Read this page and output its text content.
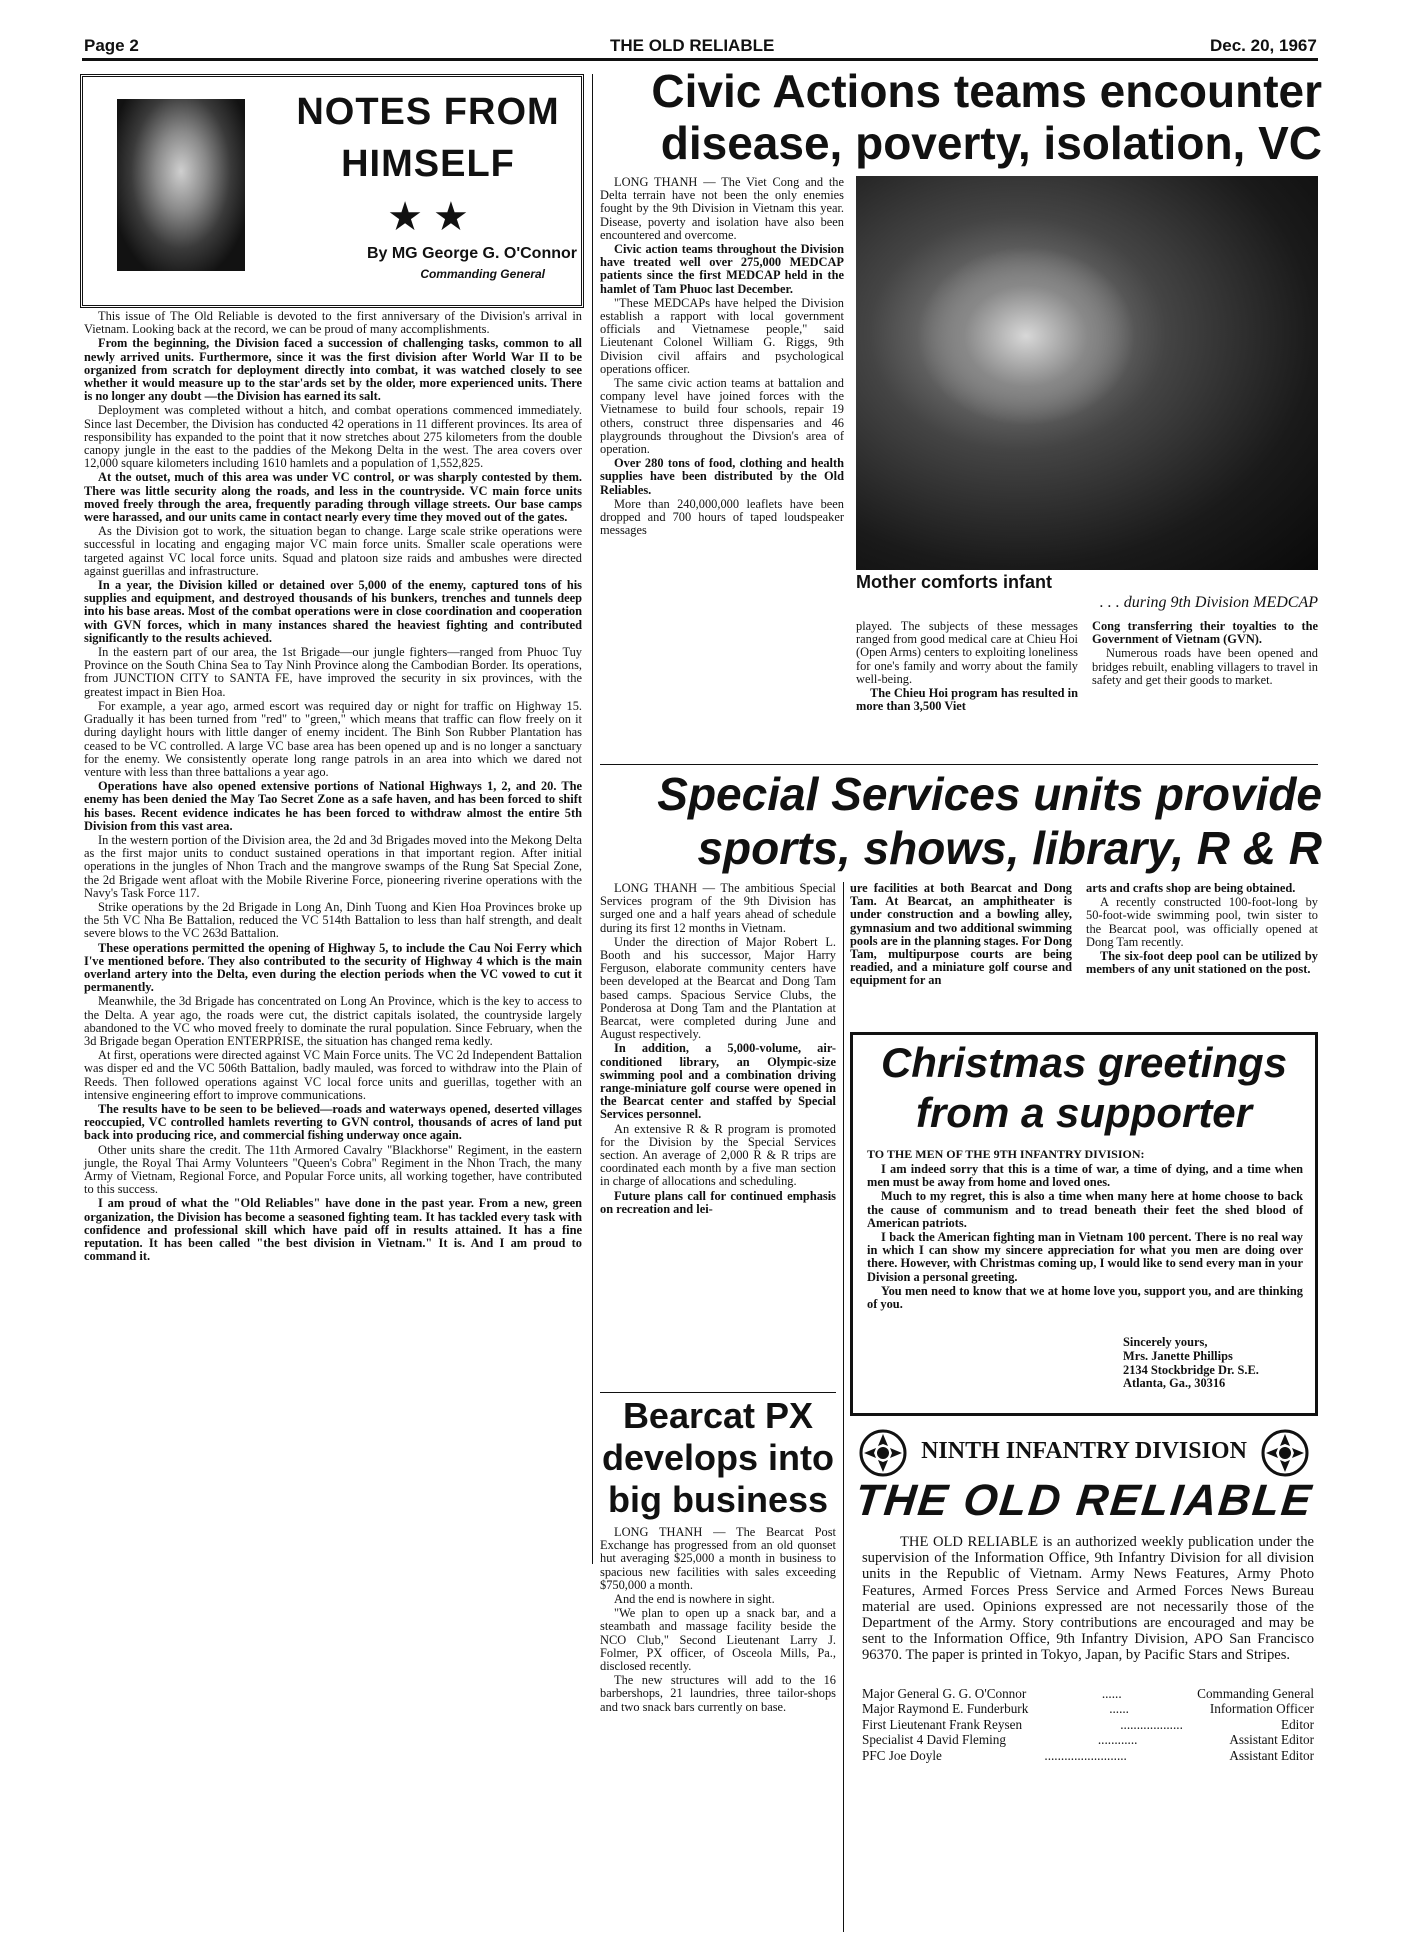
Page 2	THE OLD RELIABLE	Dec. 20, 1967
NOTES FROM
HIMSELF
★ ★
By MG George G. O'Connor
Commanding General

This issue of The Old Reliable is devoted to the first anniversary of the Division's arrival in Vietnam. Looking back at the record, we can be proud of many accomplishments.

From the beginning, the Division faced a succession of challenging tasks, common to all newly arrived units. Furthermore, since it was the first division after World War II to be organized from scratch for deployment directly into combat, it was watched closely to see whether it would measure up to the star'ards set by the older, more experienced units. There is no longer any doubt —the Division has earned its salt.

Deployment was completed without a hitch, and combat operations commenced immediately. Since last December, the Division has conducted 42 operations in 11 different provinces. Its area of responsibility has expanded to the point that it now stretches about 275 kilometers from the double canopy jungle in the east to the paddies of the Mekong Delta in the west. The area covers over 12,000 square kilometers including 1610 hamlets and a population of 1,552,825.

At the outset, much of this area was under VC control, or was sharply contested by them. There was little security along the roads, and less in the countryside. VC main force units moved freely through the area, frequently parading through village streets. Our base camps were harassed, and our units came in contact nearly every time they moved out of the gates.

As the Division got to work, the situation began to change. Large scale strike operations were successful in locating and engaging major VC main force units. Smaller scale operations were targeted against VC local force units. Squad and platoon size raids and ambushes were directed against guerillas and infrastructure.

In a year, the Division killed or detained over 5,000 of the enemy, captured tons of his supplies and equipment, and destroyed thousands of his bunkers, trenches and tunnels deep into his base areas. Most of the combat operations were in close coordination and cooperation with GVN forces, which in many instances shared the heaviest fighting and contributed significantly to the results achieved.

In the eastern part of our area, the 1st Brigade—our jungle fighters—ranged from Phuoc Tuy Province on the South China Sea to Tay Ninh Province along the Cambodian Border. Its operations, from JUNCTION CITY to SANTA FE, have improved the security in six provinces, with the greatest impact in Bien Hoa.

For example, a year ago, armed escort was required day or night for traffic on Highway 15. Gradually it has been turned from "red" to "green," which means that traffic can flow freely on it during daylight hours with little danger of enemy incident. The Binh Son Rubber Plantation has ceased to be VC controlled. A large VC base area has been opened up and is no longer a sanctuary for the enemy. We consistently operate long range patrols in an area into which we dared not venture with less than three battalions a year ago.

Operations have also opened extensive portions of National Highways 1, 2, and 20. The enemy has been denied the May Tao Secret Zone as a safe haven, and has been forced to shift his bases. Recent evidence indicates he has been forced to withdraw almost the entire 5th Division from this vast area.

In the western portion of the Division area, the 2d and 3d Brigades moved into the Mekong Delta as the first major units to conduct sustained operations in that important region. After initial operations in the jungles of Nhon Trach and the mangrove swamps of the Rung Sat Special Zone, the 2d Brigade went afloat with the Mobile Riverine Force, pioneering riverine operations with the Navy's Task Force 117.

Strike operations by the 2d Brigade in Long An, Dinh Tuong and Kien Hoa Provinces broke up the 5th VC Nha Be Battalion, reduced the VC 514th Battalion to less than half strength, and dealt severe blows to the VC 263d Battalion.

These operations permitted the opening of Highway 5, to include the Cau Noi Ferry which I've mentioned before. They also contributed to the security of Highway 4 which is the main overland artery into the Delta, even during the election periods when the VC vowed to cut it permanently.

Meanwhile, the 3d Brigade has concentrated on Long An Province, which is the key to access to the Delta. A year ago, the roads were cut, the district capitals isolated, the countryside largely abandoned to the VC who moved freely to dominate the rural population. Since February, when the 3d Brigade began Operation ENTERPRISE, the situation has changed rema kedly.

At first, operations were directed against VC Main Force units. The VC 2d Independent Battalion was disper ed and the VC 506th Battalion, badly mauled, was forced to withdraw into the Plain of Reeds. Then followed operations against VC local force units and guerillas, together with an intensive engineering effort to improve communications.

The results have to be seen to be believed—roads and waterways opened, deserted villages reoccupied, VC controlled hamlets reverting to GVN control, thousands of acres of land put back into producing rice, and commercial fishing underway once again.

Other units share the credit. The 11th Armored Cavalry "Blackhorse" Regiment, in the eastern jungle, the Royal Thai Army Volunteers "Queen's Cobra" Regiment in the Nhon Trach, the many Army of Vietnam, Regional Force, and Popular Force units, all working together, have contributed to this success.

I am proud of what the "Old Reliables" have done in the past year. From a new, green organization, the Division has become a seasoned fighting team. It has tackled every task with confidence and professional skill which have paid off in results attained. It has a fine reputation. It has been called "the best division in Vietnam." It is. And I am proud to command it.

Civic Actions teams encounter
disease, poverty, isolation, VC

LONG THANH — The Viet Cong and the Delta terrain have not been the only enemies fought by the 9th Division in Vietnam this year. Disease, poverty and isolation have also been encountered and overcome.

Civic action teams throughout the Division have treated well over 275,000 MEDCAP patients since the first MEDCAP held in the hamlet of Tam Phuoc last December.

"These MEDCAPs have helped the Division establish a rapport with local government officials and Vietnamese people," said Lieutenant Colonel William G. Riggs, 9th Division civil affairs and psychological operations officer.

The same civic action teams at battalion and company level have joined forces with the Vietnamese to build four schools, repair 19 others, construct three dispensaries and 46 playgrounds throughout the Divsion's area of operation.

Over 280 tons of food, clothing and health supplies have been distributed by the Old Reliables.

More than 240,000,000 leaflets have been dropped and 700 hours of taped loudspeaker messages

Mother comforts infant
. . . during 9th Division MEDCAP

played. The subjects of these messages ranged from good medical care at Chieu Hoi (Open Arms) centers to exploiting loneliness for one's family and worry about the family well-being.

The Chieu Hoi program has resulted in more than 3,500 Viet

Cong transferring their toyalties to the Government of Vietnam (GVN).

Numerous roads have been opened and bridges rebuilt, enabling villagers to travel in safety and get their goods to market.

Special Services units provide
sports, shows, library, R & R

LONG THANH — The ambitious Special Services program of the 9th Division has surged one and a half years ahead of schedule during its first 12 months in Vietnam.

Under the direction of Major Robert L. Booth and his successor, Major Harry Ferguson, elaborate community centers have been developed at the Bearcat and Dong Tam based camps. Spacious Service Clubs, the Ponderosa at Dong Tam and the Plantation at Bearcat, were completed during June and August respectively.

In addition, a 5,000-volume, air-conditioned library, an Olympic-size swimming pool and a combination driving range-miniature golf course were opened in the Bearcat center and staffed by Special Services personnel.

An extensive R & R program is promoted for the Division by the Special Services section. An average of 2,000 R & R trips are coordinated each month by a five man section in charge of allocations and scheduling.

Future plans call for continued emphasis on recreation and lei-

ure facilities at both Bearcat and Dong Tam. At Bearcat, an amphitheater is under construction and a bowling alley, gymnasium and two additional swimming pools are in the planning stages. For Dong Tam, multipurpose courts are being readied, and a miniature golf course and equipment for an

arts and crafts shop are being obtained.

A recently constructed 100-foot-long by 50-foot-wide swimming pool, twin sister to the Bearcat pool, was officially opened at Dong Tam recently.

The six-foot deep pool can be utilized by members of any unit stationed on the post.

Christmas greetings
from a supporter
TO THE MEN OF THE 9TH INFANTRY DIVISION:

I am indeed sorry that this is a time of war, a time of dying, and a time when men must be away from home and loved ones.

Much to my regret, this is also a time when many here at home choose to back the cause of communism and to tread beneath their feet the shed blood of American patriots.

I back the American fighting man in Vietnam 100 percent. There is no real way in which I can show my sincere appreciation for what you men are doing over there. However, with Christmas coming up, I would like to send every man in your Division a personal greeting.

You men need to know that we at home love you, support you, and are thinking of you.

Sincerely yours,
Mrs. Janette Phillips
2134 Stockbridge Dr. S.E.
Atlanta, Ga., 30316
Bearcat PX
develops into
big business

LONG THANH — The Bearcat Post Exchange has progressed from an old quonset hut averaging $25,000 a month in business to spacious new facilities with sales exceeding $750,000 a month.

And the end is nowhere in sight.

"We plan to open up a snack bar, and a steambath and massage facility beside the NCO Club," Second Lieutenant Larry J. Folmer, PX officer, of Osceola Mills, Pa., disclosed recently.

The new structures will add to the 16 barbershops, 21 laundries, three tailor-shops and two snack bars currently on base.

NINTH INFANTRY DIVISION
THE OLD RELIABLE
THE OLD RELIABLE is an authorized weekly publication under the supervision of the Information Office, 9th Infantry Division for all division units in the Republic of Vietnam. Army News Features, Army Photo Features, Armed Forces Press Service and Armed Forces News Bureau material are used. Opinions expressed are not necessarily those of the Department of the Army. Story contributions are encouraged and may be sent to the Information Office, 9th Infantry Division, APO San Francisco 96370. The paper is printed in Tokyo, Japan, by Pacific Stars and Stripes.
Major General G. G. O'Connor	......	Commanding General
Major Raymond E. Funderburk	......	Information Officer
First Lieutenant Frank Reysen	...................	Editor
Specialist 4 David Fleming	............	Assistant Editor
PFC Joe Doyle	.........................	Assistant Editor
